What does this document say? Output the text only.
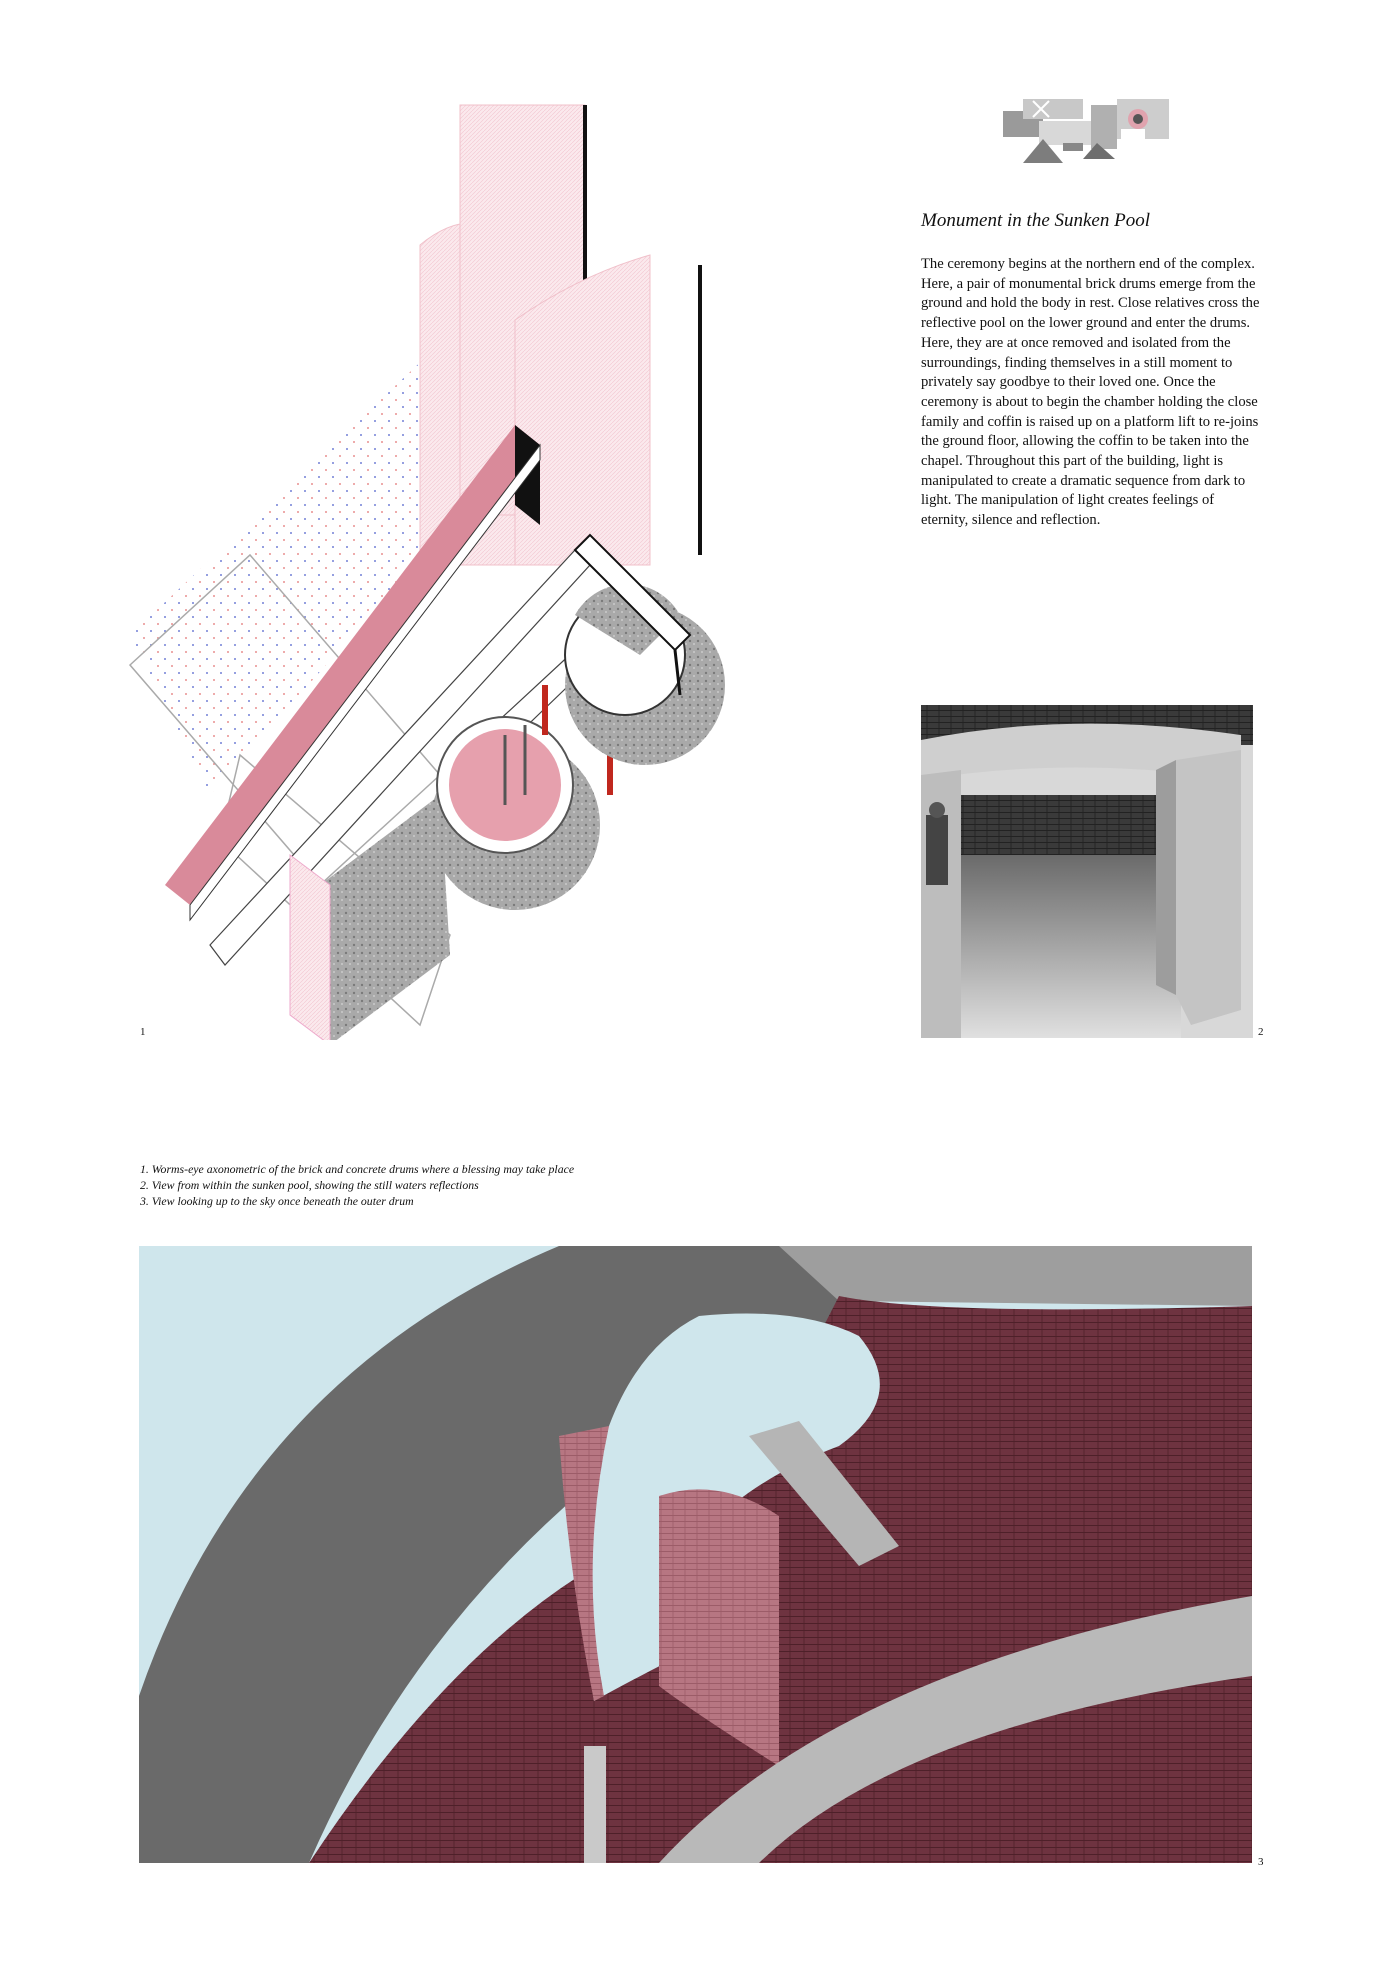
Monument in the Sunken Pool
The ceremony begins at the northern end of the complex. Here, a pair of monumental brick drums emerge from the ground and hold the body in rest. Close relatives cross the reflective pool on the lower ground and enter the drums. Here, they are at once removed and isolated from the surroundings, finding themselves in a still moment to privately say goodbye to their loved one. Once the ceremony is about to begin the chamber holding the close family and coffin is raised up on a platform lift to re-joins the ground floor, allowing the coffin to be taken into the chapel. Throughout this part of the building, light is manipulated to create a dramatic sequence from dark to light. The manipulation of light creates feelings of eternity, silence and reflection.
1	2
1. Worms-eye axonometric of the brick and concrete drums where a blessing may take place
2. View from within the sunken pool, showing the still waters reflections
3. View looking up to the sky once beneath the outer drum
3
